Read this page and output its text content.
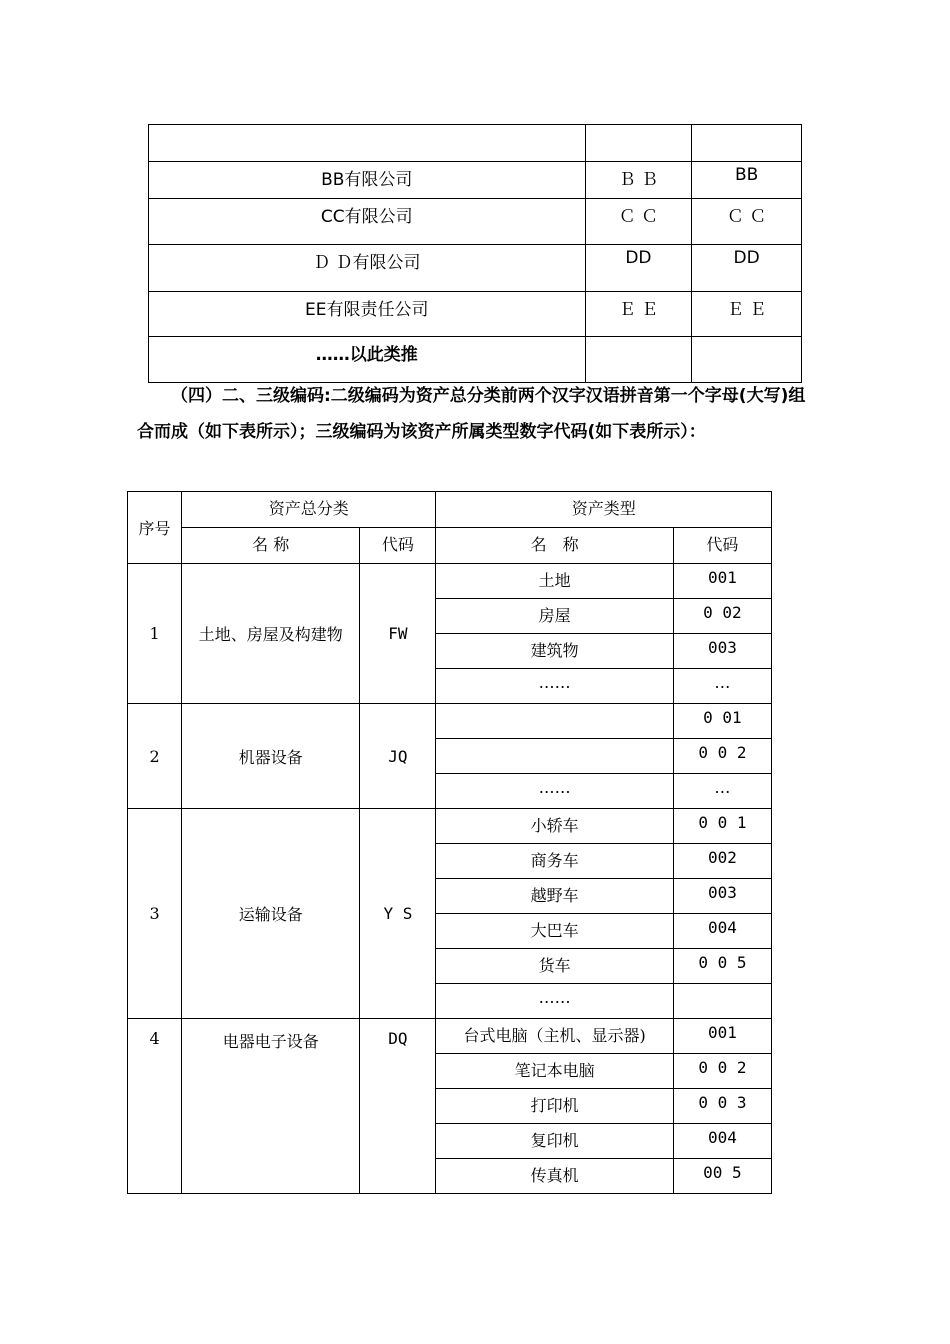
BB有限公司	Ｂ Ｂ	BB
CC有限公司	Ｃ Ｃ	Ｃ Ｃ
Ｄ Ｄ有限公司	DD	DD
EE有限责任公司	Ｅ Ｅ	Ｅ Ｅ
……以此类推		

（四）二、三级编码:二级编码为资产总分类前两个汉字汉语拼音第一个字母(大写)组合而成（如下表所示）；三级编码为该资产所属类型数字代码(如下表所示）：

序号	资产总分类		资产类型	
	名 称	代码	名　称	代码
1	土地、房屋及构建物	FW	土地	001
			房屋	0 02
			建筑物	003
			……	…
2	机器设备	JQ		0 01
				0 0 2
			……	…
3	运输设备	Y S	小轿车	0 0 1
			商务车	002
			越野车	003
			大巴车	004
			货车	0 0 5
			……	
4	电器电子设备	DQ	台式电脑（主机、显示器)	001
			笔记本电脑	0 0 2
			打印机	0 0 3
			复印机	004
			传真机	00 5
